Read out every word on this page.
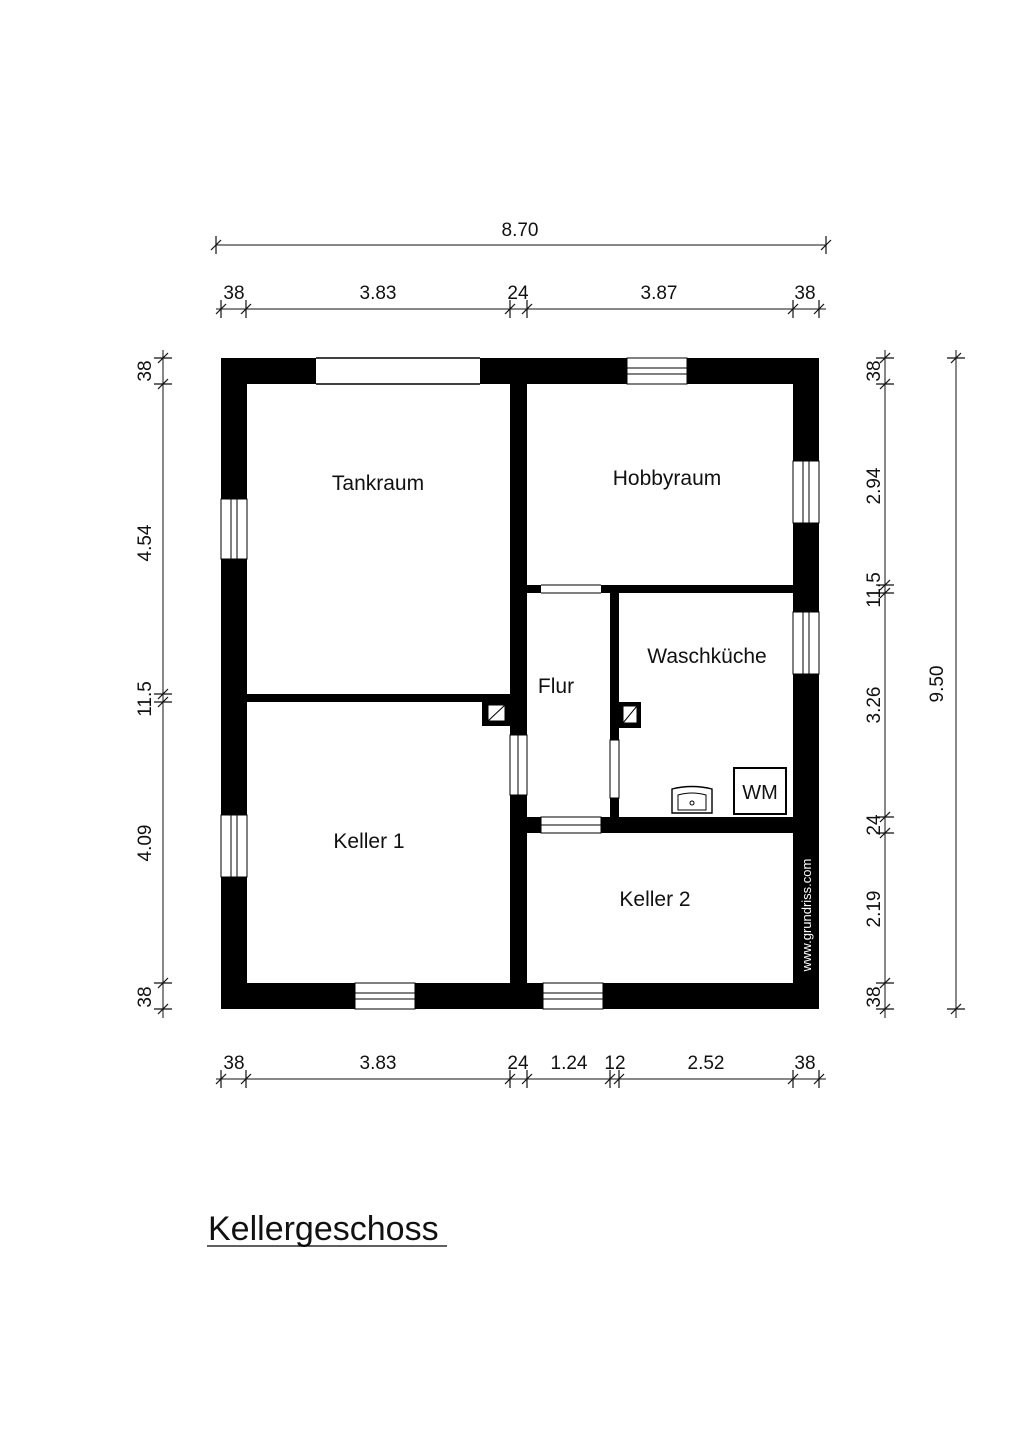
8.70
38	3.83	24	3.87	38
38	3.83	24 1.24 12	2.52	38
38
4.54
11.5
4.09
38
38
2.94
11.5
3.26
24
2.19
38
9.50
WM
Tankraum	Hobbyraum
Flur
Waschküche
Keller 1
Keller 2	www.grundriss.com
Kellergeschoss
